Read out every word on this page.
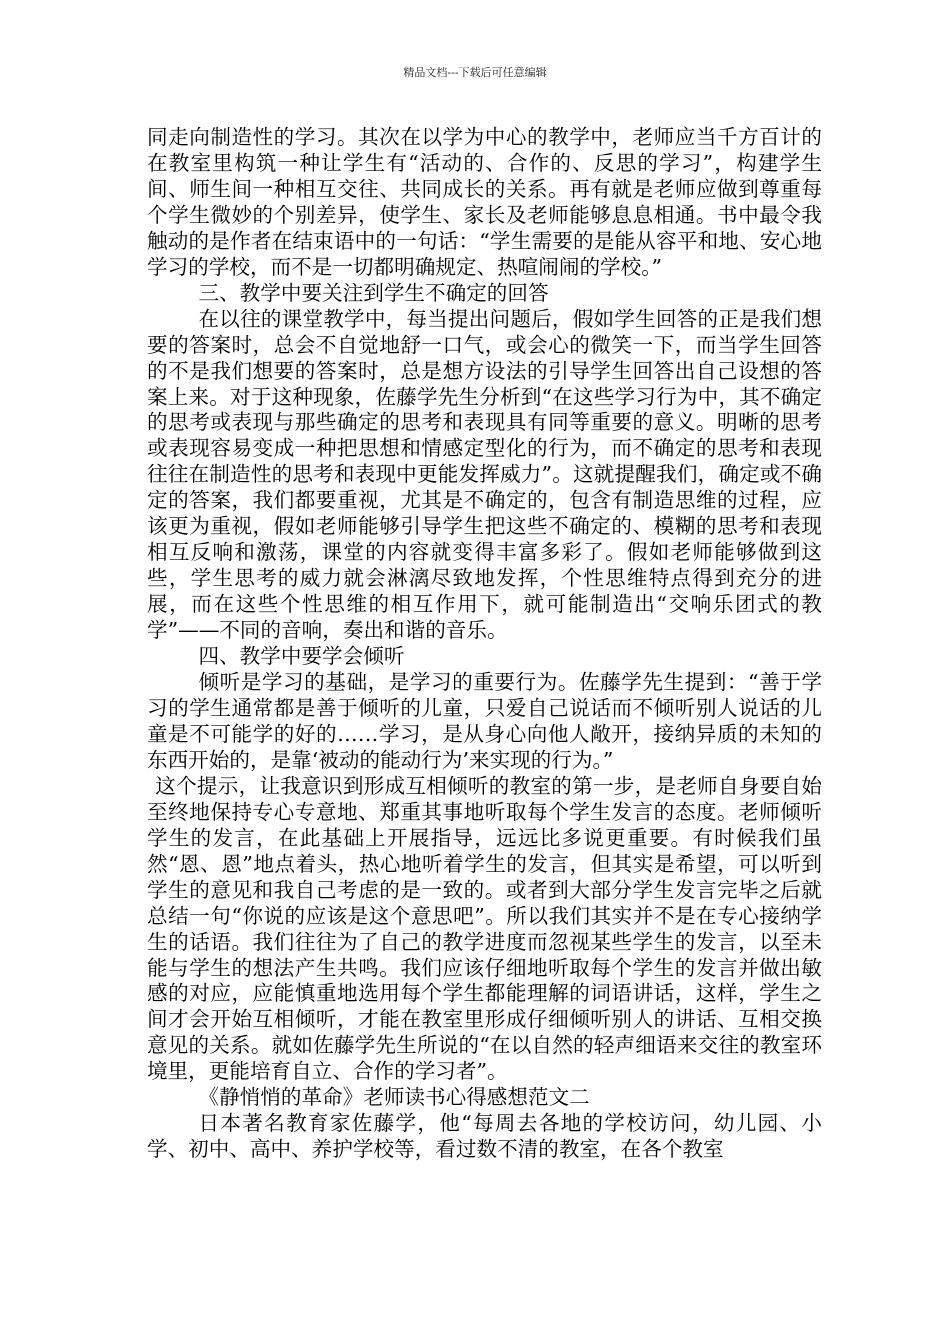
精品文档---下载后可任意编辑

同走向制造性的学习。其次在以学为中心的教学中，老师应当千方百计的在教室里构筑一种让学生有“活动的、合作的、反思的学习”，构建学生间、师生间一种相互交往、共同成长的关系。再有就是老师应做到尊重每个学生微妙的个别差异，使学生、家长及老师能够息息相通。书中最令我触动的是作者在结束语中的一句话：“学生需要的是能从容平和地、安心地学习的学校，而不是一切都明确规定、热喧闹闹的学校。”

三、教学中要关注到学生不确定的回答

在以往的课堂教学中，每当提出问题后，假如学生回答的正是我们想要的答案时，总会不自觉地舒一口气，或会心的微笑一下，而当学生回答的不是我们想要的答案时，总是想方设法的引导学生回答出自己设想的答案上来。对于这种现象，佐藤学先生分析到“在这些学习行为中，其不确定的思考或表现与那些确定的思考和表现具有同等重要的意义。明晰的思考或表现容易变成一种把思想和情感定型化的行为，而不确定的思考和表现往往在制造性的思考和表现中更能发挥威力”。这就提醒我们，确定或不确定的答案，我们都要重视，尤其是不确定的，包含有制造思维的过程，应该更为重视，假如老师能够引导学生把这些不确定的、模糊的思考和表现相互反响和激荡，课堂的内容就变得丰富多彩了。假如老师能够做到这些，学生思考的威力就会淋漓尽致地发挥，个性思维特点得到充分的进展，而在这些个性思维的相互作用下，就可能制造出“交响乐团式的教学”——不同的音响，奏出和谐的音乐。

四、教学中要学会倾听

倾听是学习的基础，是学习的重要行为。佐藤学先生提到：“善于学习的学生通常都是善于倾听的儿童，只爱自己说话而不倾听别人说话的儿童是不可能学的好的……学习，是从身心向他人敞开，接纳异质的未知的东西开始的，是靠‘被动的能动行为’来实现的行为。”

这个提示，让我意识到形成互相倾听的教室的第一步，是老师自身要自始至终地保持专心专意地、郑重其事地听取每个学生发言的态度。老师倾听学生的发言，在此基础上开展指导，远远比多说更重要。有时候我们虽然“恩、恩”地点着头，热心地听着学生的发言，但其实是希望，可以听到学生的意见和我自己考虑的是一致的。或者到大部分学生发言完毕之后就总结一句“你说的应该是这个意思吧”。所以我们其实并不是在专心接纳学生的话语。我们往往为了自己的教学进度而忽视某些学生的发言，以至未能与学生的想法产生共鸣。我们应该仔细地听取每个学生的发言并做出敏感的对应，应能慎重地选用每个学生都能理解的词语讲话，这样，学生之间才会开始互相倾听，才能在教室里形成仔细倾听别人的讲话、互相交换意见的关系。就如佐藤学先生所说的“在以自然的轻声细语来交往的教室环境里，更能培育自立、合作的学习者”。

《静悄悄的革命》老师读书心得感想范文二

日本著名教育家佐藤学，他“每周去各地的学校访问，幼儿园、小学、初中、高中、养护学校等，看过数不清的教室，在各个教室
